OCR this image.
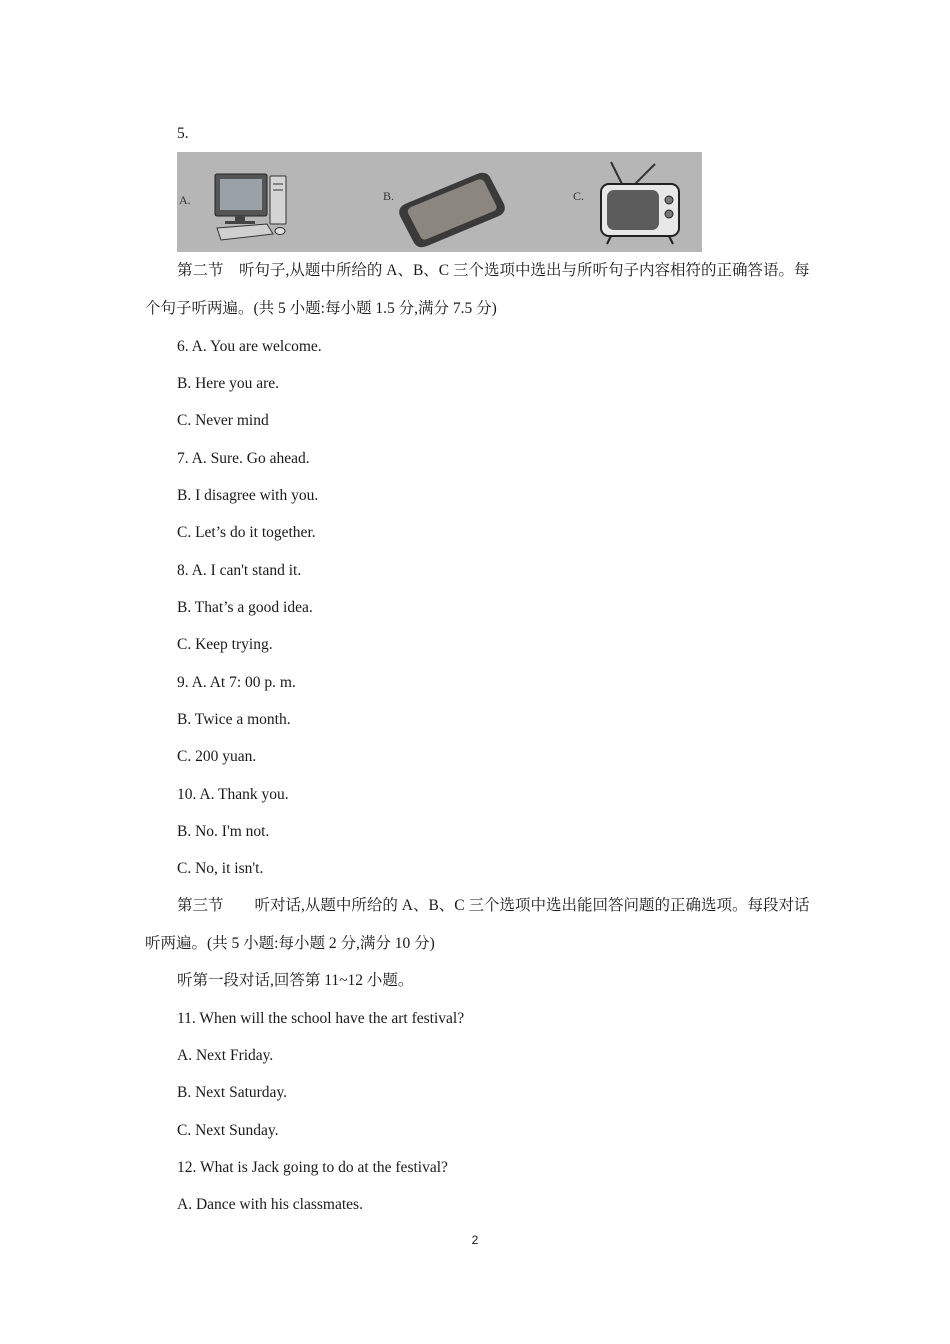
5.
A.	B.	C.
第二节　听句子,从题中所给的 A、B、C 三个选项中选出与所听句子内容相符的正确答语。每个句子听两遍。(共 5 小题:每小题 1.5 分,满分 7.5 分)
6. A. You are welcome.
B. Here you are.
C. Never mind
7. A. Sure. Go ahead.
B. I disagree with you.
C. Let’s do it together.
8. A. I can't stand it.
B. That’s a good idea.
C. Keep trying.
9. A. At 7: 00 p. m.
B. Twice a month.
C. 200 yuan.
10. A. Thank you.
B. No. I'm not.
C. No, it isn't.
第三节　　听对话,从题中所给的 A、B、C 三个选项中选出能回答问题的正确选项。每段对话听两遍。(共 5 小题:每小题 2 分,满分 10 分)
听第一段对话,回答第 11~12 小题。
11. When will the school have the art festival?
A. Next Friday.
B. Next Saturday.
C. Next Sunday.
12. What is Jack going to do at the festival?
A. Dance with his classmates.
2
